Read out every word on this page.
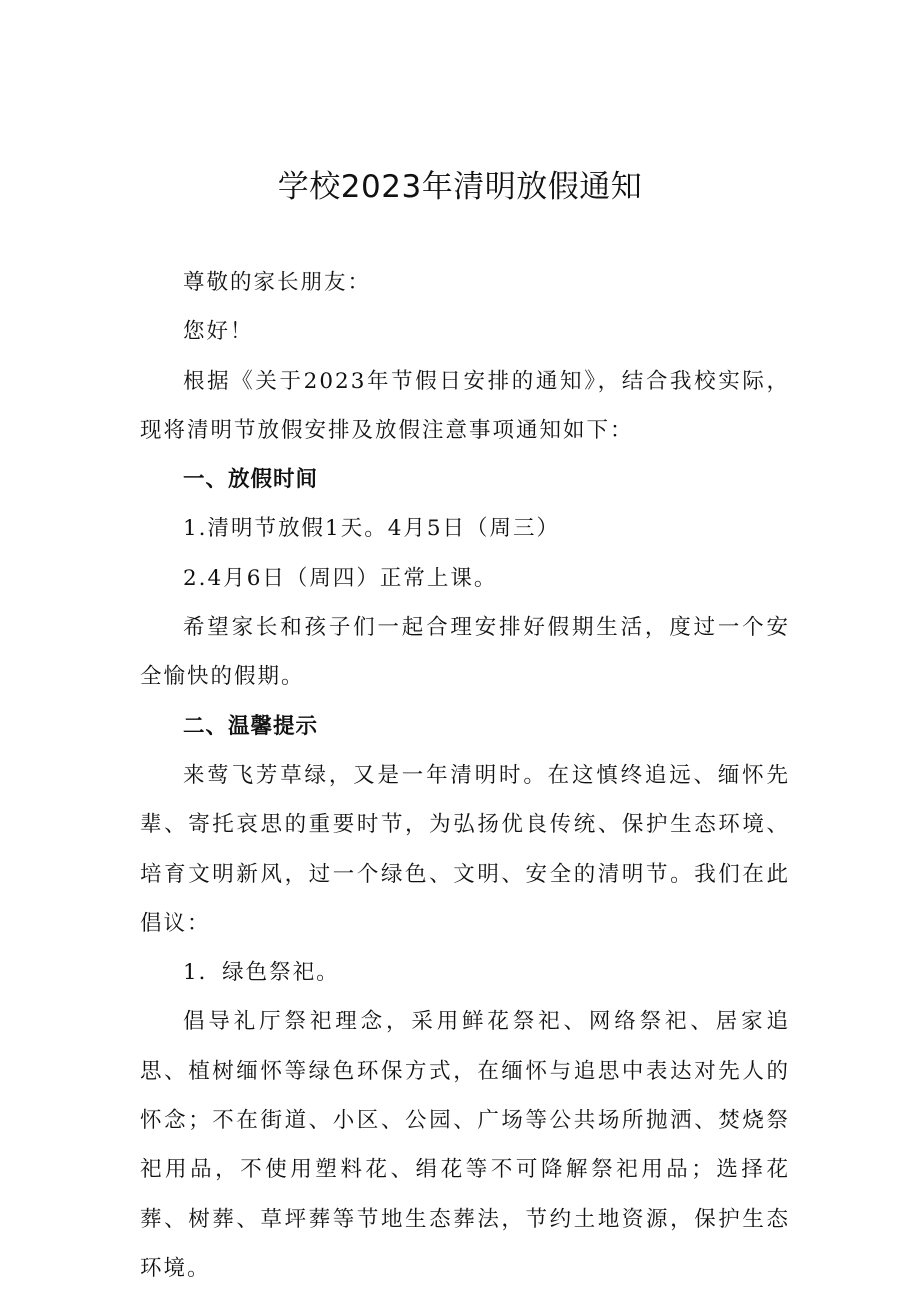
学校2023年清明放假通知

尊敬的家长朋友：

您好！

根据《关于2023年节假日安排的通知》，结合我校实际，现将清明节放假安排及放假注意事项通知如下：

一、放假时间

1.清明节放假1天。4月5日（周三）

2.4月6日（周四）正常上课。

希望家长和孩子们一起合理安排好假期生活，度过一个安全愉快的假期。

二、温馨提示

来莺飞芳草绿，又是一年清明时。在这慎终追远、缅怀先辈、寄托哀思的重要时节，为弘扬优良传统、保护生态环境、培育文明新风，过一个绿色、文明、安全的清明节。我们在此倡议：

1．绿色祭祀。

倡导礼厅祭祀理念，采用鲜花祭祀、网络祭祀、居家追思、植树缅怀等绿色环保方式，在缅怀与追思中表达对先人的怀念；不在街道、小区、公园、广场等公共场所抛洒、焚烧祭祀用品，不使用塑料花、绢花等不可降解祭祀用品；选择花葬、树葬、草坪葬等节地生态葬法，节约土地资源，保护生态环境。
